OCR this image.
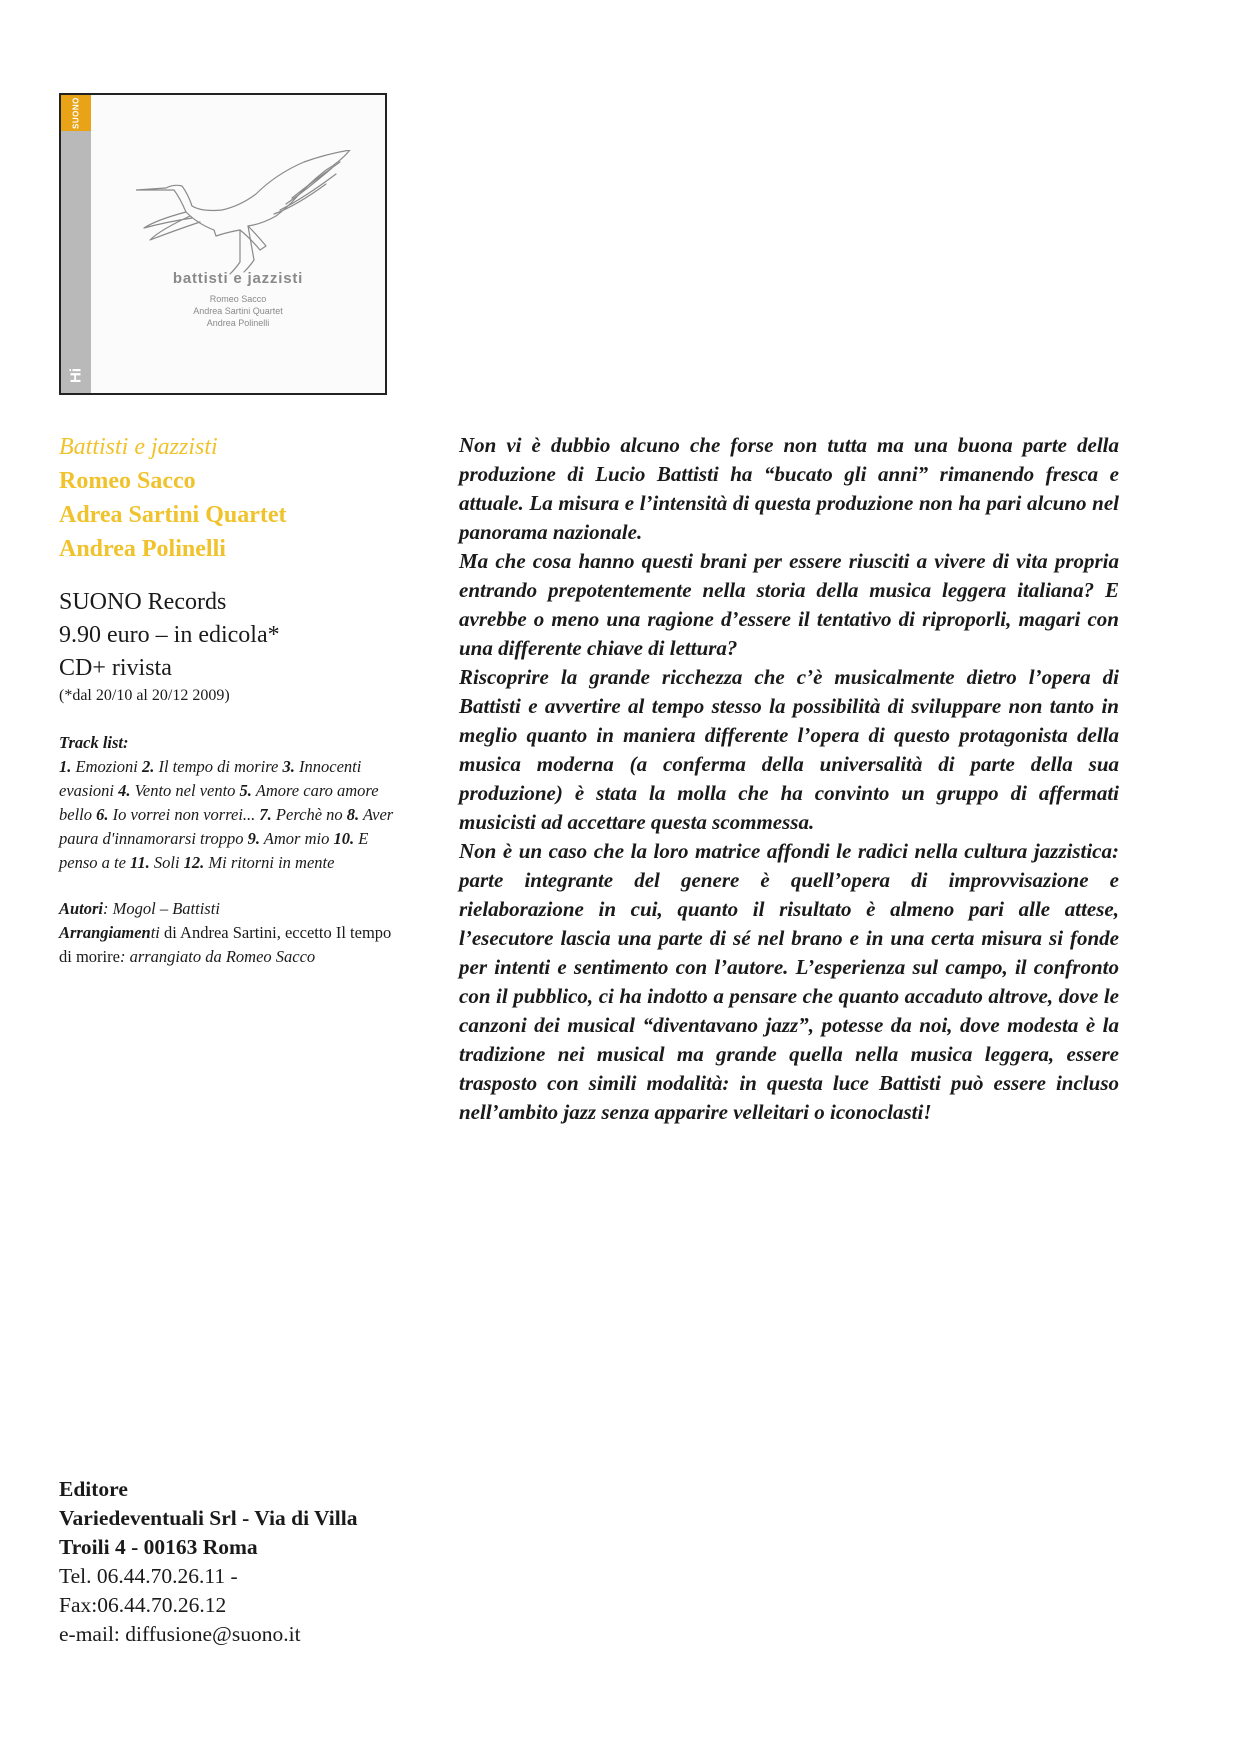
SUONO
Hi
battisti e jazzisti
Romeo Sacco
Andrea Sartini Quartet
Andrea Polinelli
Battisti e jazzisti
Romeo Sacco
Adrea Sartini Quartet
Andrea Polinelli
SUONO Records
9.90 euro – in edicola*
CD+ rivista
(*dal 20/10 al 20/12 2009)
Track list:
1. Emozioni 2. Il tempo di morire 3. Innocenti evasioni 4. Vento nel vento 5. Amore caro amore bello 6. Io vorrei non vorrei... 7. Perchè no 8. Aver paura d'innamorarsi troppo 9. Amor mio 10. E penso a te 11. Soli 12. Mi ritorni in mente
Autori: Mogol – Battisti
Arrangiamenti di Andrea Sartini, eccetto Il tempo di morire: arrangiato da Romeo Sacco

Non vi è dubbio alcuno che forse non tutta ma una buona parte della produzione di Lucio Battisti ha “bucato gli anni” rimanendo fresca e attuale. La misura e l’intensità di questa produzione non ha pari alcuno nel panorama nazionale.

Ma che cosa hanno questi brani per essere riusciti a vivere di vita propria entrando prepotentemente nella storia della musica leggera italiana? E avrebbe o meno una ragione d’essere il tentativo di riproporli, magari con una differente chiave di lettura?

Riscoprire la grande ricchezza che c’è musicalmente dietro l’opera di Battisti e avvertire al tempo stesso la possibilità di sviluppare non tanto in meglio quanto in maniera differente l’opera di questo protagonista della musica moderna (a conferma della universalità di parte della sua produzione) è stata la molla che ha convinto un gruppo di affermati musicisti ad accettare questa scommessa.

Non è un caso che la loro matrice affondi le radici nella cultura jazzistica: parte integrante del genere è quell’opera di improvvisazione e rielaborazione in cui, quanto il risultato è almeno pari alle attese, l’esecutore lascia una parte di sé nel brano e in una certa misura si fonde per intenti e sentimento con l’autore. L’esperienza sul campo, il confronto con il pubblico, ci ha indotto a pensare che quanto accaduto altrove, dove le canzoni dei musical “diventavano jazz”, potesse da noi, dove modesta è la tradizione nei musical ma grande quella nella musica leggera, essere trasposto con simili modalità: in questa luce Battisti può essere incluso nell’ambito jazz senza apparire velleitari o iconoclasti!

Editore
Variedeventuali Srl - Via di Villa Troili 4 - 00163 Roma
Tel. 06.44.70.26.11 -
Fax:06.44.70.26.12
e-mail: diffusione@suono.it
